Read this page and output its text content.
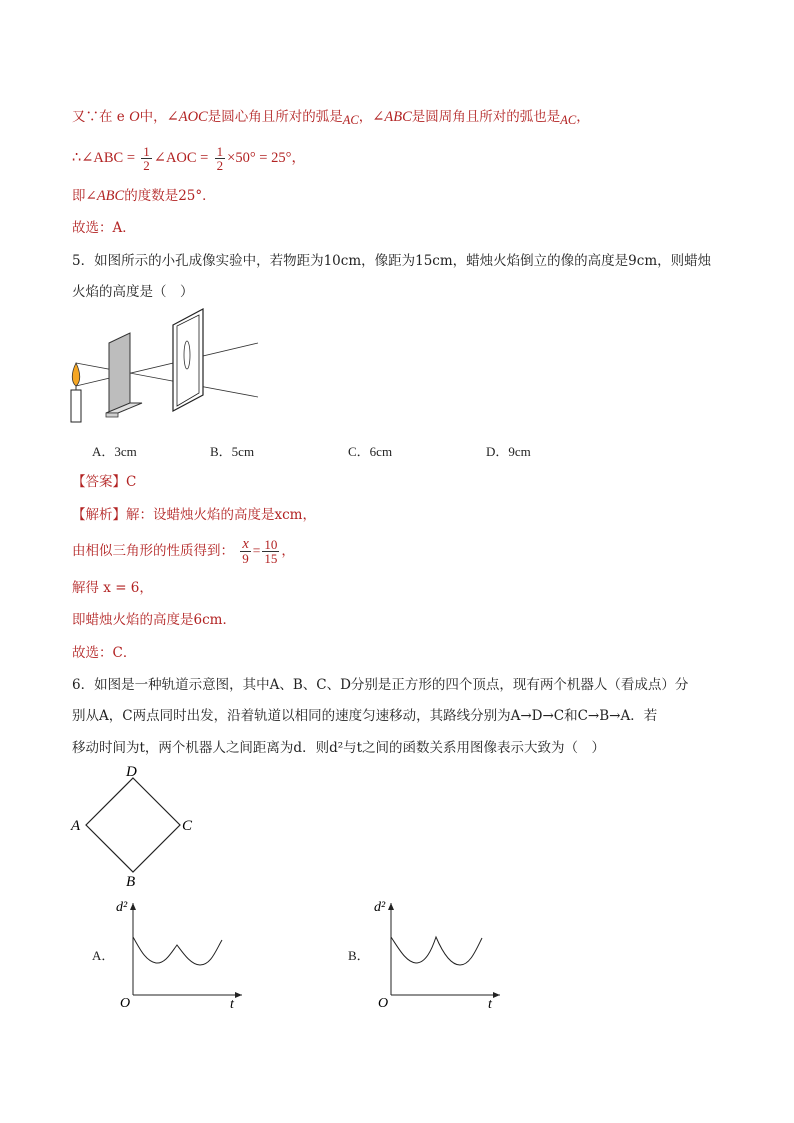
又∵在 e O中，∠AOC是圆心角且所对的弧是AC，∠ABC是圆周角且所对的弧也是AC，
∴∠ABC = $\frac{1}{2}$ ∠AOC = $\frac{1}{2} \times 50^\circ = 25^\circ$，
即∠ABC的度数是25°．
故选：A．
5．如图所示的小孔成像实验中，若物距为10cm，像距为15cm，蜡烛火焰倒立的像的高度是9cm，则蜡烛
火焰的高度是（　）
A．3cm	B．5cm	C．6cm	D．9cm
【答案】C
【解析】解：设蜡烛火焰的高度是xcm，
由相似三角形的性质得到： $\frac{x}{9} = \frac{10}{15}$ ，
解得 x = 6，
即蜡烛火焰的高度是6cm．
故选：C．
6．如图是一种轨道示意图，其中A、B、C、D分别是正方形的四个顶点，现有两个机器人（看成点）分
别从A，C两点同时出发，沿着轨道以相同的速度匀速移动，其路线分别为A→D→C和C→B→A．若
移动时间为t，两个机器人之间距离为d．则d²与t之间的函数关系用图像表示大致为（　）
D
A	C
B
A．
d²
O	t
B．
d²
O	t
